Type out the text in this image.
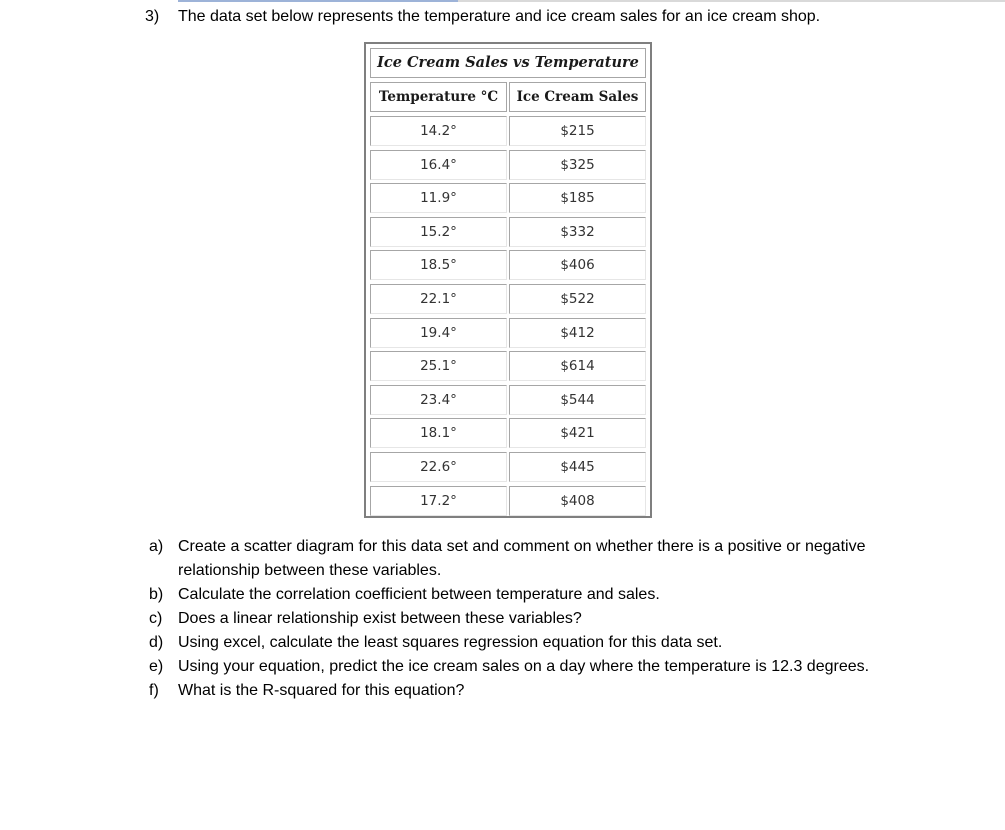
3) The data set below represents the temperature and ice cream sales for an ice cream shop.
Ice Cream Sales vs Temperature
Temperature °C	Ice Cream Sales
14.2°	$215
16.4°	$325
11.9°	$185
15.2°	$332
18.5°	$406
22.1°	$522
19.4°	$412
25.1°	$614
23.4°	$544
18.1°	$421
22.6°	$445
17.2°	$408
a) Create a scatter diagram for this data set and comment on whether there is a positive or negative relationship between these variables.
b) Calculate the correlation coefficient between temperature and sales.
c) Does a linear relationship exist between these variables?
d) Using excel, calculate the least squares regression equation for this data set.
e) Using your equation, predict the ice cream sales on a day where the temperature is 12.3 degrees.
f) What is the R-squared for this equation?
